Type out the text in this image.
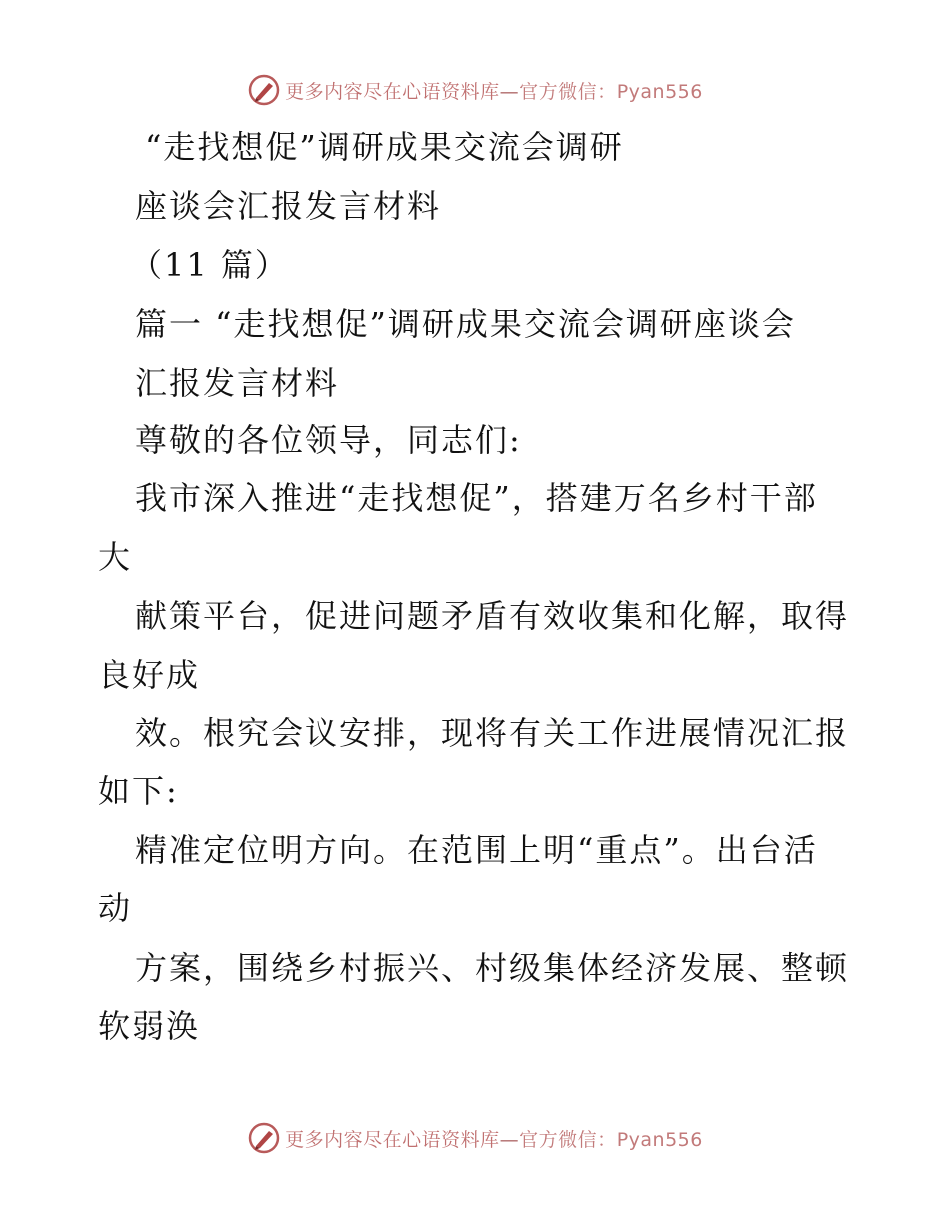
更多内容尽在心语资料库—官方微信：Pyan556
“走找想促”调研成果交流会调研
座谈会汇报发言材料
（11 篇）
篇一 “走找想促”调研成果交流会调研座谈会
汇报发言材料
尊敬的各位领导，同志们:
我市深入推进“走找想促”，搭建万名乡村干部
大
献策平台，促进问题矛盾有效收集和化解，取得
良好成
效。根究会议安排，现将有关工作进展情况汇报
如下:
精准定位明方向。在范围上明“重点”。出台活
动
方案，围绕乡村振兴、村级集体经济发展、整顿
软弱涣
更多内容尽在心语资料库—官方微信：Pyan556
